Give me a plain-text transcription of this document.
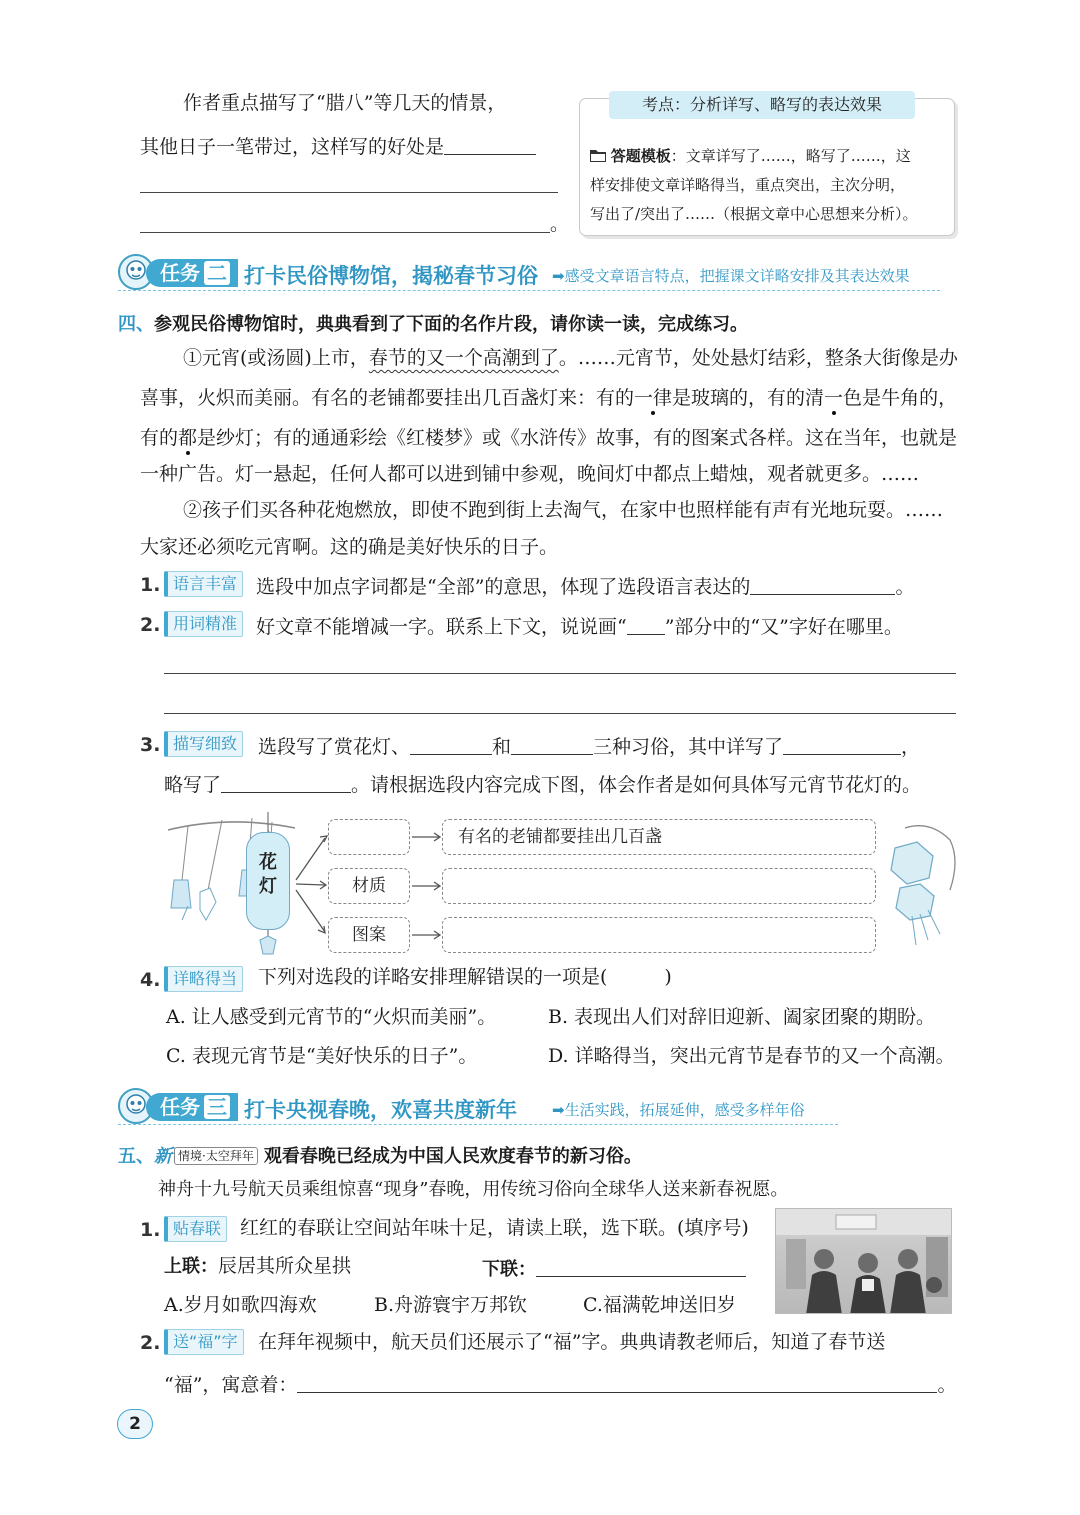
作者重点描写了“腊八”等几天的情景，
其他日子一笔带过，这样写的好处是
。
考点：分析详写、略写的表达效果
答题模板：文章详写了……，略写了……，这
样安排使文章详略得当，重点突出，主次分明，
写出了/突出了……（根据文章中心思想来分析）。
任务 二 打卡民俗博物馆，揭秘春节习俗 ➡感受文章语言特点，把握课文详略安排及其表达效果
四、参观民俗博物馆时，典典看到了下面的名作片段，请你读一读，完成练习。
①元宵(或汤圆)上市，春节的又一个高潮到了。……元宵节，处处悬灯结彩，整条大街像是办
喜事，火炽而美丽。有名的老铺都要挂出几百盏灯来：有的一律是玻璃的，有的清一色是牛角的，
有的都是纱灯；有的通通彩绘《红楼梦》或《水浒传》故事，有的图案式各样。这在当年，也就是
一种广告。灯一悬起，任何人都可以进到铺中参观，晚间灯中都点上蜡烛，观者就更多。……
②孩子们买各种花炮燃放，即使不跑到街上去淘气，在家中也照样能有声有光地玩耍。……
大家还必须吃元宵啊。这的确是美好快乐的日子。
1. 语言丰富 选段中加点字词都是“全部”的意思，体现了选段语言表达的	。
2. 用词精准 好文章不能增减一字。联系上下文，说说画“ ”部分中的“又”字好在哪里。
3. 描写细致	选段写了赏花灯、	和	三种习俗，其中详写了	，
略写了	。请根据选段内容完成下图，体会作者是如何具体写元宵节花灯的。
花
灯	材质
图案
有名的老铺都要挂出几百盏
4. 详略得当	下列对选段的详略安排理解错误的一项是(　　　)
A. 让人感受到元宵节的“火炽而美丽”。	B. 表现出人们对辞旧迎新、阖家团聚的期盼。
C. 表现元宵节是“美好快乐的日子”。	D. 详略得当，突出元宵节是春节的又一个高潮。
任务 三 打卡央视春晚，欢喜共度新年 ➡生活实践，拓展延伸，感受多样年俗
五、新 情境·太空拜年 观看春晚已经成为中国人民欢度春节的新习俗。
神舟十九号航天员乘组惊喜“现身”春晚，用传统习俗向全球华人送来新春祝愿。
1. 贴春联 红红的春联让空间站年味十足，请读上联，选下联。(填序号)
上联：辰居其所众星拱	下联：
A.岁月如歌四海欢	B.舟游寰宇万邦钦	C.福满乾坤送旧岁
2. 送“福”字	在拜年视频中，航天员们还展示了“福”字。典典请教老师后，知道了春节送
“福”，寓意着：	。
2
